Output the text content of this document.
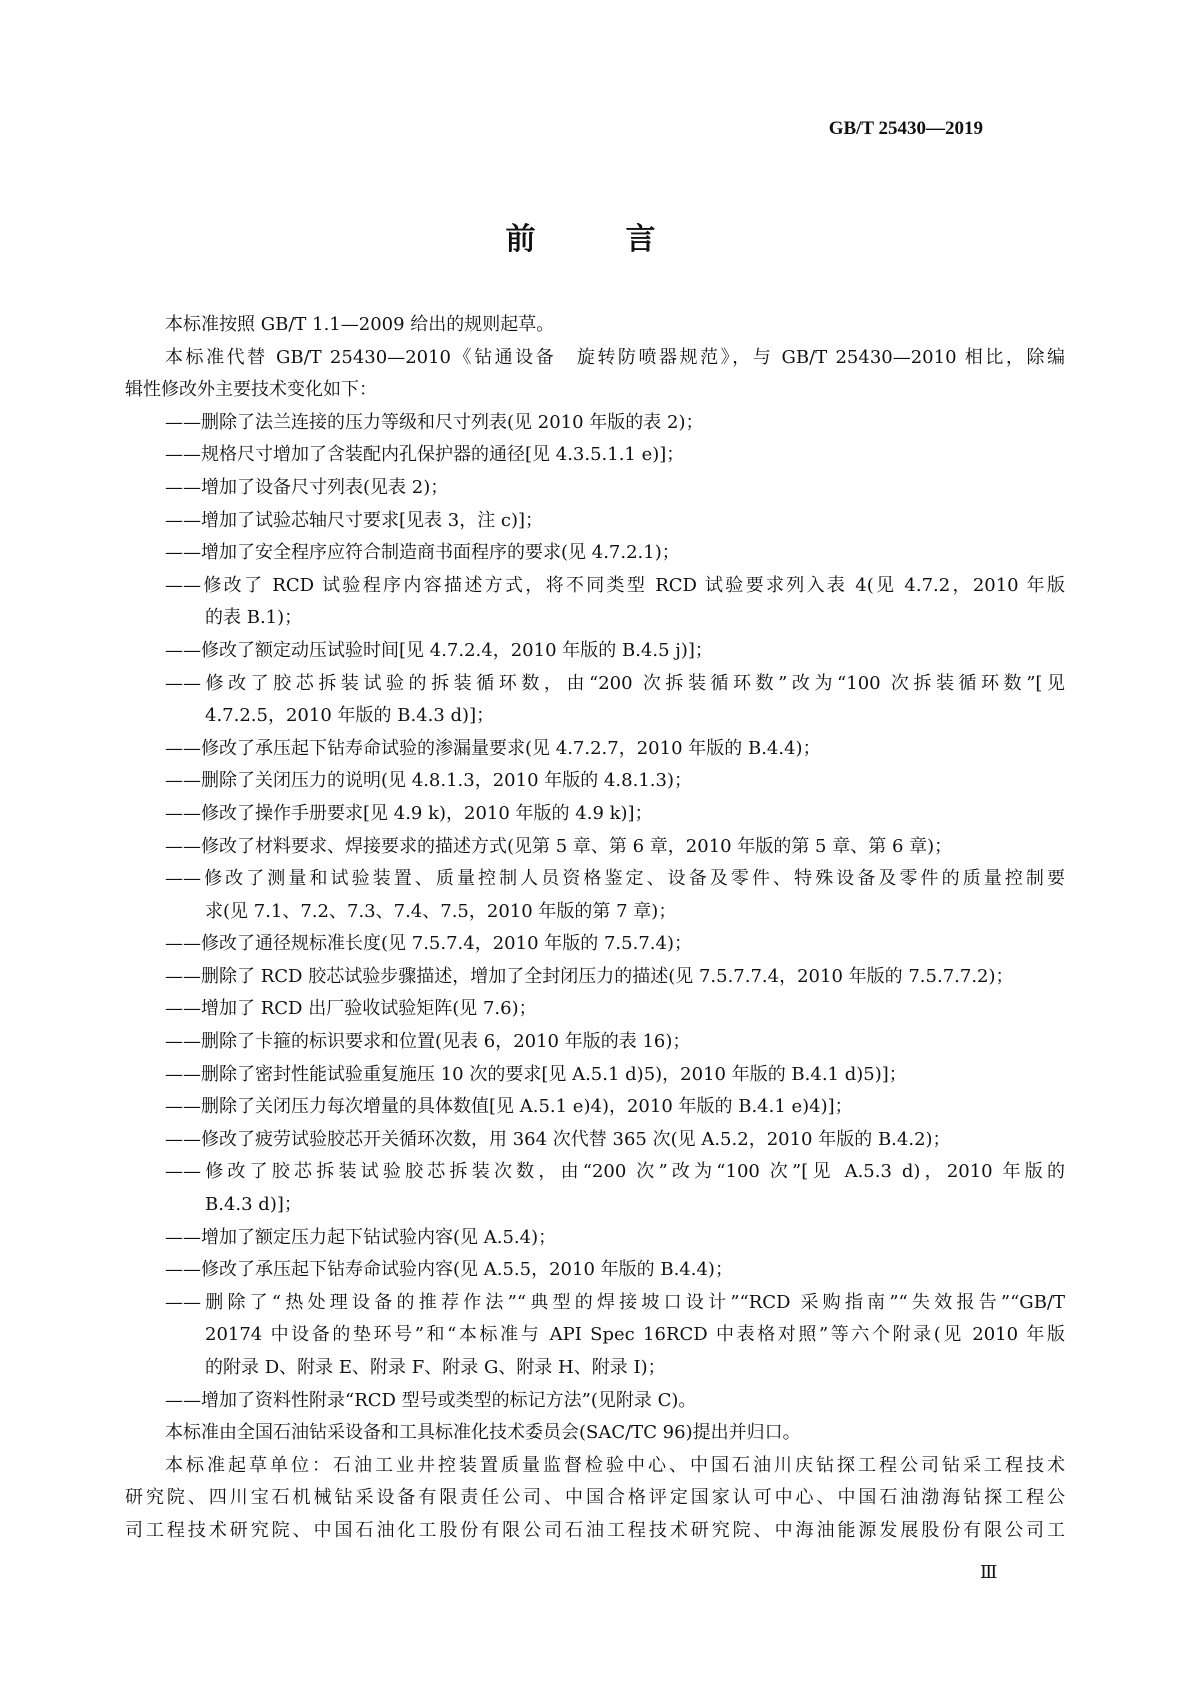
GB/T 25430—2019
前　言
本标准按照 GB/T 1.1—2009 给出的规则起草。
本标准代替 GB/T 25430—2010《钻通设备　旋转防喷器规范》，与 GB/T 25430—2010 相比，除编
辑性修改外主要技术变化如下：
——删除了法兰连接的压力等级和尺寸列表(见 2010 年版的表 2)；
——规格尺寸增加了含装配内孔保护器的通径[见 4.3.5.1.1 e)]；
——增加了设备尺寸列表(见表 2)；
——增加了试验芯轴尺寸要求[见表 3，注 c)]；
——增加了安全程序应符合制造商书面程序的要求(见 4.7.2.1)；
——修改了 RCD 试验程序内容描述方式，将不同类型 RCD 试验要求列入表 4(见 4.7.2，2010 年版
的表 B.1)；
——修改了额定动压试验时间[见 4.7.2.4，2010 年版的 B.4.5 j)]；
——修改了胶芯拆装试验的拆装循环数，由“200 次拆装循环数”改为“100 次拆装循环数”[见
4.7.2.5，2010 年版的 B.4.3 d)]；
——修改了承压起下钻寿命试验的渗漏量要求(见 4.7.2.7，2010 年版的 B.4.4)；
——删除了关闭压力的说明(见 4.8.1.3，2010 年版的 4.8.1.3)；
——修改了操作手册要求[见 4.9 k)，2010 年版的 4.9 k)]；
——修改了材料要求、焊接要求的描述方式(见第 5 章、第 6 章，2010 年版的第 5 章、第 6 章)；
——修改了测量和试验装置、质量控制人员资格鉴定、设备及零件、特殊设备及零件的质量控制要
求(见 7.1、7.2、7.3、7.4、7.5，2010 年版的第 7 章)；
——修改了通径规标准长度(见 7.5.7.4，2010 年版的 7.5.7.4)；
——删除了 RCD 胶芯试验步骤描述，增加了全封闭压力的描述(见 7.5.7.7.4，2010 年版的 7.5.7.7.2)；
——增加了 RCD 出厂验收试验矩阵(见 7.6)；
——删除了卡箍的标识要求和位置(见表 6，2010 年版的表 16)；
——删除了密封性能试验重复施压 10 次的要求[见 A.5.1 d)5)，2010 年版的 B.4.1 d)5)]；
——删除了关闭压力每次增量的具体数值[见 A.5.1 e)4)，2010 年版的 B.4.1 e)4)]；
——修改了疲劳试验胶芯开关循环次数，用 364 次代替 365 次(见 A.5.2，2010 年版的 B.4.2)；
——修改了胶芯拆装试验胶芯拆装次数，由“200 次”改为“100 次”[见 A.5.3 d)，2010 年版的
B.4.3 d)]；
——增加了额定压力起下钻试验内容(见 A.5.4)；
——修改了承压起下钻寿命试验内容(见 A.5.5，2010 年版的 B.4.4)；
——删除了“热处理设备的推荐作法”“典型的焊接坡口设计”“RCD 采购指南”“失效报告”“GB/T
20174 中设备的垫环号”和“本标准与 API Spec 16RCD 中表格对照”等六个附录(见 2010 年版
的附录 D、附录 E、附录 F、附录 G、附录 H、附录 I)；
——增加了资料性附录“RCD 型号或类型的标记方法”(见附录 C)。
本标准由全国石油钻采设备和工具标准化技术委员会(SAC/TC 96)提出并归口。
本标准起草单位：石油工业井控装置质量监督检验中心、中国石油川庆钻探工程公司钻采工程技术
研究院、四川宝石机械钻采设备有限责任公司、中国合格评定国家认可中心、中国石油渤海钻探工程公
司工程技术研究院、中国石油化工股份有限公司石油工程技术研究院、中海油能源发展股份有限公司工
Ⅲ
